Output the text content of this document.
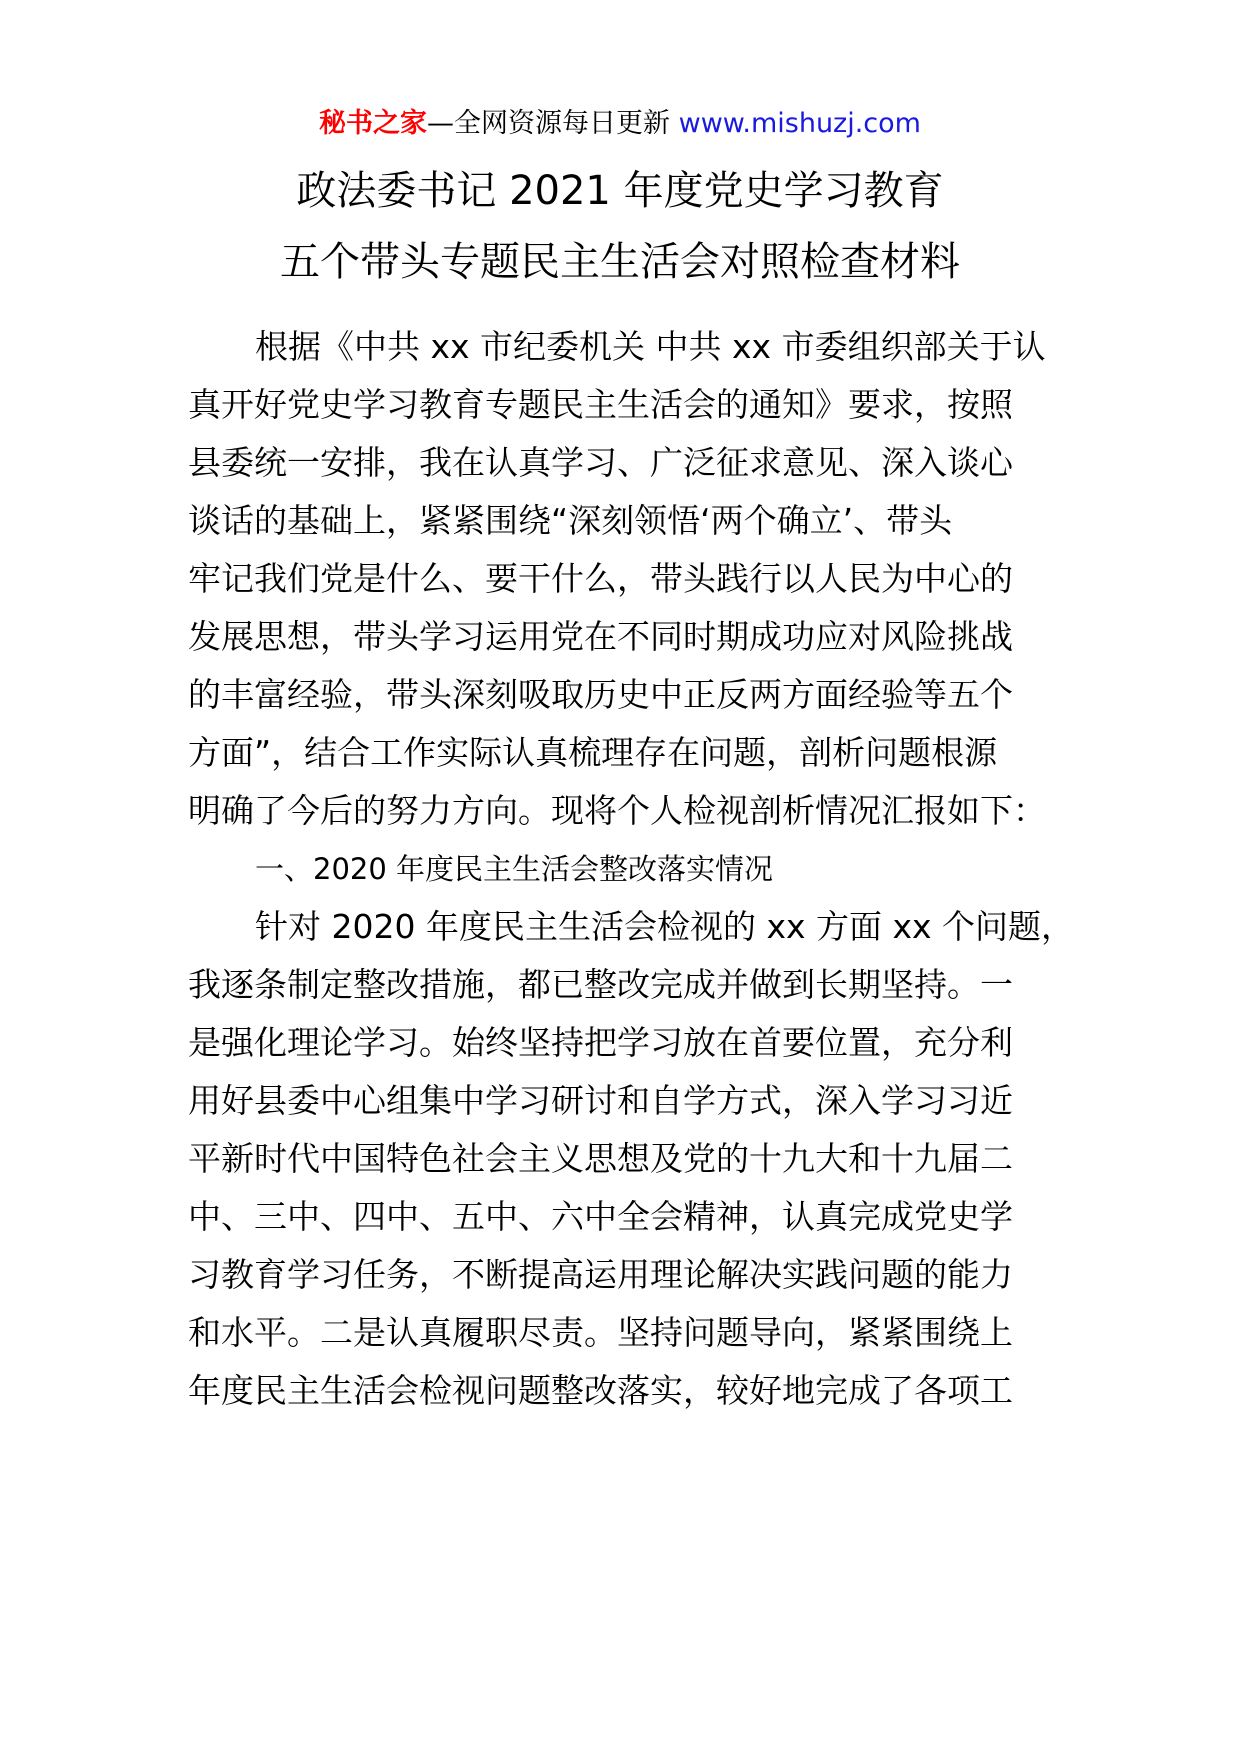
秘书之家—全网资源每日更新 www.mishuzj.com
政法委书记 2021 年度党史学习教育
五个带头专题民主生活会对照检查材料
根据《中共 xx 市纪委机关 中共 xx 市委组织部关于认
真开好党史学习教育专题民主生活会的通知》要求，按照
县委统一安排，我在认真学习、广泛征求意见、深入谈心
谈话的基础上，紧紧围绕“深刻领悟‘两个确立’、带头
牢记我们党是什么、要干什么，带头践行以人民为中心的
发展思想，带头学习运用党在不同时期成功应对风险挑战
的丰富经验，带头深刻吸取历史中正反两方面经验等五个
方面”，结合工作实际认真梳理存在问题，剖析问题根源
明确了今后的努力方向。现将个人检视剖析情况汇报如下：
一、2020 年度民主生活会整改落实情况
针对 2020 年度民主生活会检视的 xx 方面 xx 个问题，
我逐条制定整改措施，都已整改完成并做到长期坚持。一
是强化理论学习。始终坚持把学习放在首要位置，充分利
用好县委中心组集中学习研讨和自学方式，深入学习习近
平新时代中国特色社会主义思想及党的十九大和十九届二
中、三中、四中、五中、六中全会精神，认真完成党史学
习教育学习任务，不断提高运用理论解决实践问题的能力
和水平。二是认真履职尽责。坚持问题导向，紧紧围绕上
年度民主生活会检视问题整改落实，较好地完成了各项工
